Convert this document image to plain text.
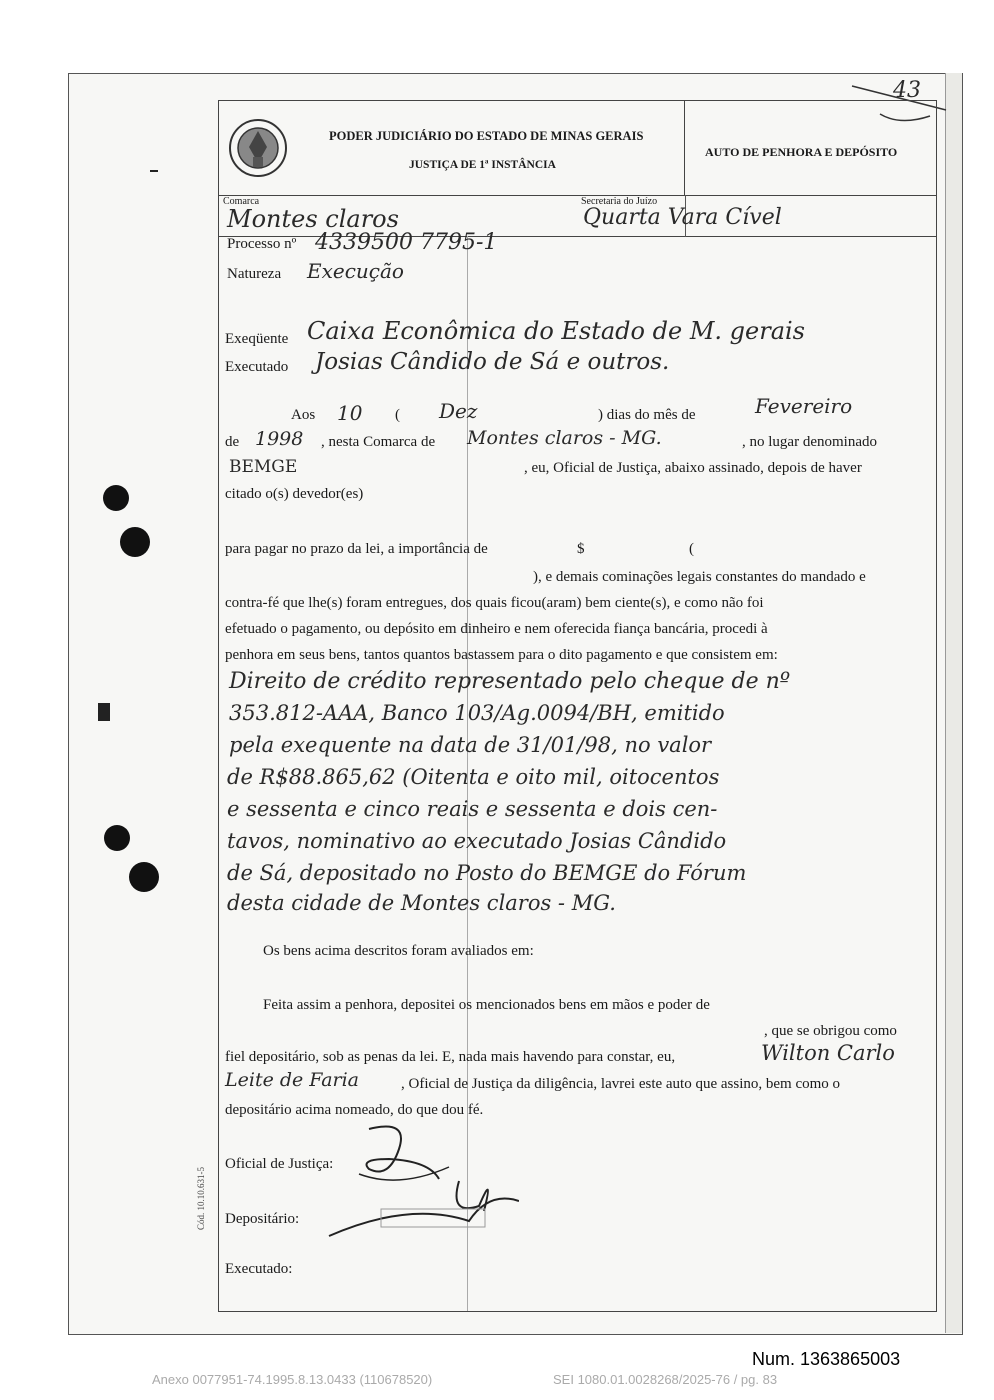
43
PODER JUDICIÁRIO DO ESTADO DE MINAS GERAIS
JUSTIÇA DE 1ª INSTÂNCIA
AUTO DE PENHORA E DEPÓSITO
Comarca
Montes claros
Secretaria do Juízo
Quarta Vara Cível
Processo nº 4339500 7795-1
Natureza Execução
Exeqüente Caixa Econômica do Estado de M. gerais
Executado Josias Cândido de Sá e outros.
Aos 10 ( Dez	) dias do mês de	Fevereiro
de 1998 , nesta Comarca de Montes claros - MG.	, no lugar denominado
BEMGE	, eu, Oficial de Justiça, abaixo assinado, depois de haver
citado o(s) devedor(es)
para pagar no prazo da lei, a importância de	$	(
), e demais cominações legais constantes do mandado e
contra-fé que lhe(s) foram entregues, dos quais ficou(aram) bem ciente(s), e como não foi
efetuado o pagamento, ou depósito em dinheiro e nem oferecida fiança bancária, procedi à
penhora em seus bens, tantos quantos bastassem para o dito pagamento e que consistem em:
Direito de crédito representado pelo cheque de nº
353.812-AAA, Banco 103/Ag.0094/BH, emitido
pela exequente na data de 31/01/98, no valor
de R$88.865,62 (Oitenta e oito mil, oitocentos
e sessenta e cinco reais e sessenta e dois cen-
tavos, nominativo ao executado Josias Cândido
de Sá, depositado no Posto do BEMGE do Fórum
desta cidade de Montes claros - MG.
Os bens acima descritos foram avaliados em:
Feita assim a penhora, depositei os mencionados bens em mãos e poder de
, que se obrigou como
fiel depositário, sob as penas da lei. E, nada mais havendo para constar, eu,	Wilton Carlo
Leite de Faria	, Oficial de Justiça da diligência, lavrei este auto que assino, bem como o
depositário acima nomeado, do que dou fé.
Oficial de Justiça:
Depositário:
Executado:
Cód. 10.10.631-5
Num. 1363865003
Anexo 0077951-74.1995.8.13.0433 (110678520)	SEI 1080.01.0028268/2025-76 / pg. 83
